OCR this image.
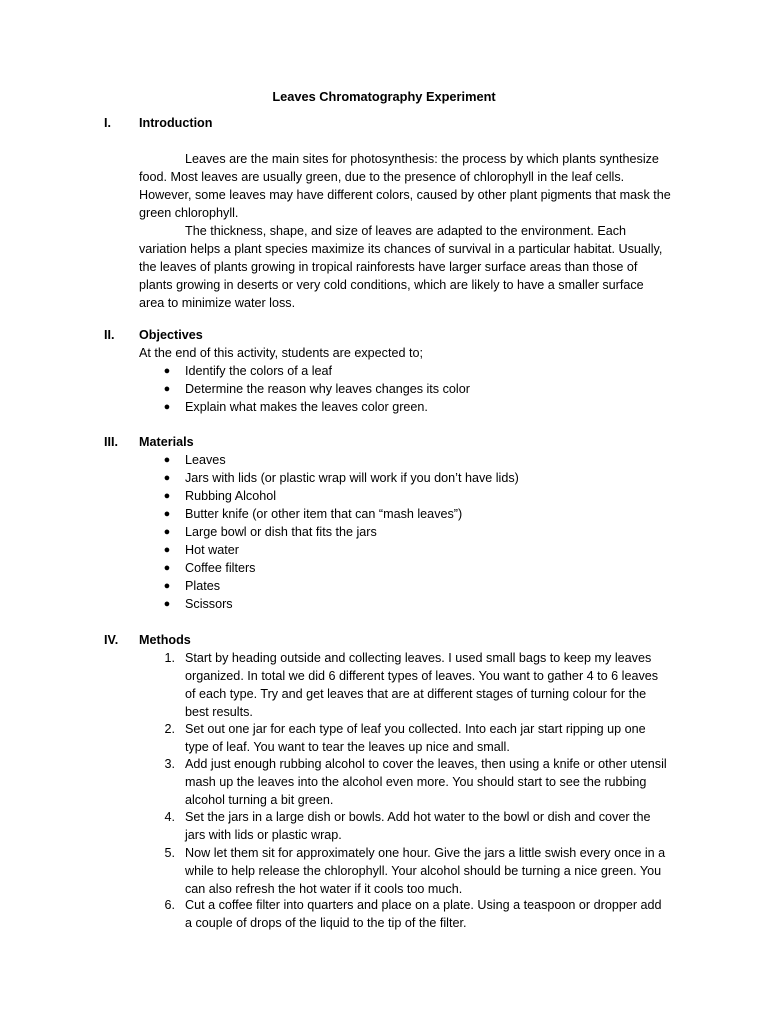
Leaves Chromatography Experiment
I. Introduction

Leaves are the main sites for photosynthesis: the process by which plants synthesize food. Most leaves are usually green, due to the presence of chlorophyll in the leaf cells. However, some leaves may have different colors, caused by other plant pigments that mask the green chlorophyll.

The thickness, shape, and size of leaves are adapted to the environment. Each variation helps a plant species maximize its chances of survival in a particular habitat. Usually, the leaves of plants growing in tropical rainforests have larger surface areas than those of plants growing in deserts or very cold conditions, which are likely to have a smaller surface area to minimize water loss.

II. Objectives
At the end of this activity, students are expected to;
●	Identify the colors of a leaf
●	Determine the reason why leaves changes its color
●	Explain what makes the leaves color green.
III. Materials
●	Leaves
●	Jars with lids (or plastic wrap will work if you don’t have lids)
●	Rubbing Alcohol
●	Butter knife (or other item that can “mash leaves”)
●	Large bowl or dish that fits the jars
●	Hot water
●	Coffee filters
●	Plates
●	Scissors
IV. Methods
1. Start by heading outside and collecting leaves. I used small bags to keep my leaves organized. In total we did 6 different types of leaves. You want to gather 4 to 6 leaves of each type. Try and get leaves that are at different stages of turning colour for the best results.
2. Set out one jar for each type of leaf you collected. Into each jar start ripping up one type of leaf. You want to tear the leaves up nice and small.
3. Add just enough rubbing alcohol to cover the leaves, then using a knife or other utensil mash up the leaves into the alcohol even more. You should start to see the rubbing alcohol turning a bit green.
4. Set the jars in a large dish or bowls. Add hot water to the bowl or dish and cover the jars with lids or plastic wrap.
5. Now let them sit for approximately one hour. Give the jars a little swish every once in a while to help release the chlorophyll. Your alcohol should be turning a nice green. You can also refresh the hot water if it cools too much.
6. Cut a coffee filter into quarters and place on a plate. Using a teaspoon or dropper add a couple of drops of the liquid to the tip of the filter.
